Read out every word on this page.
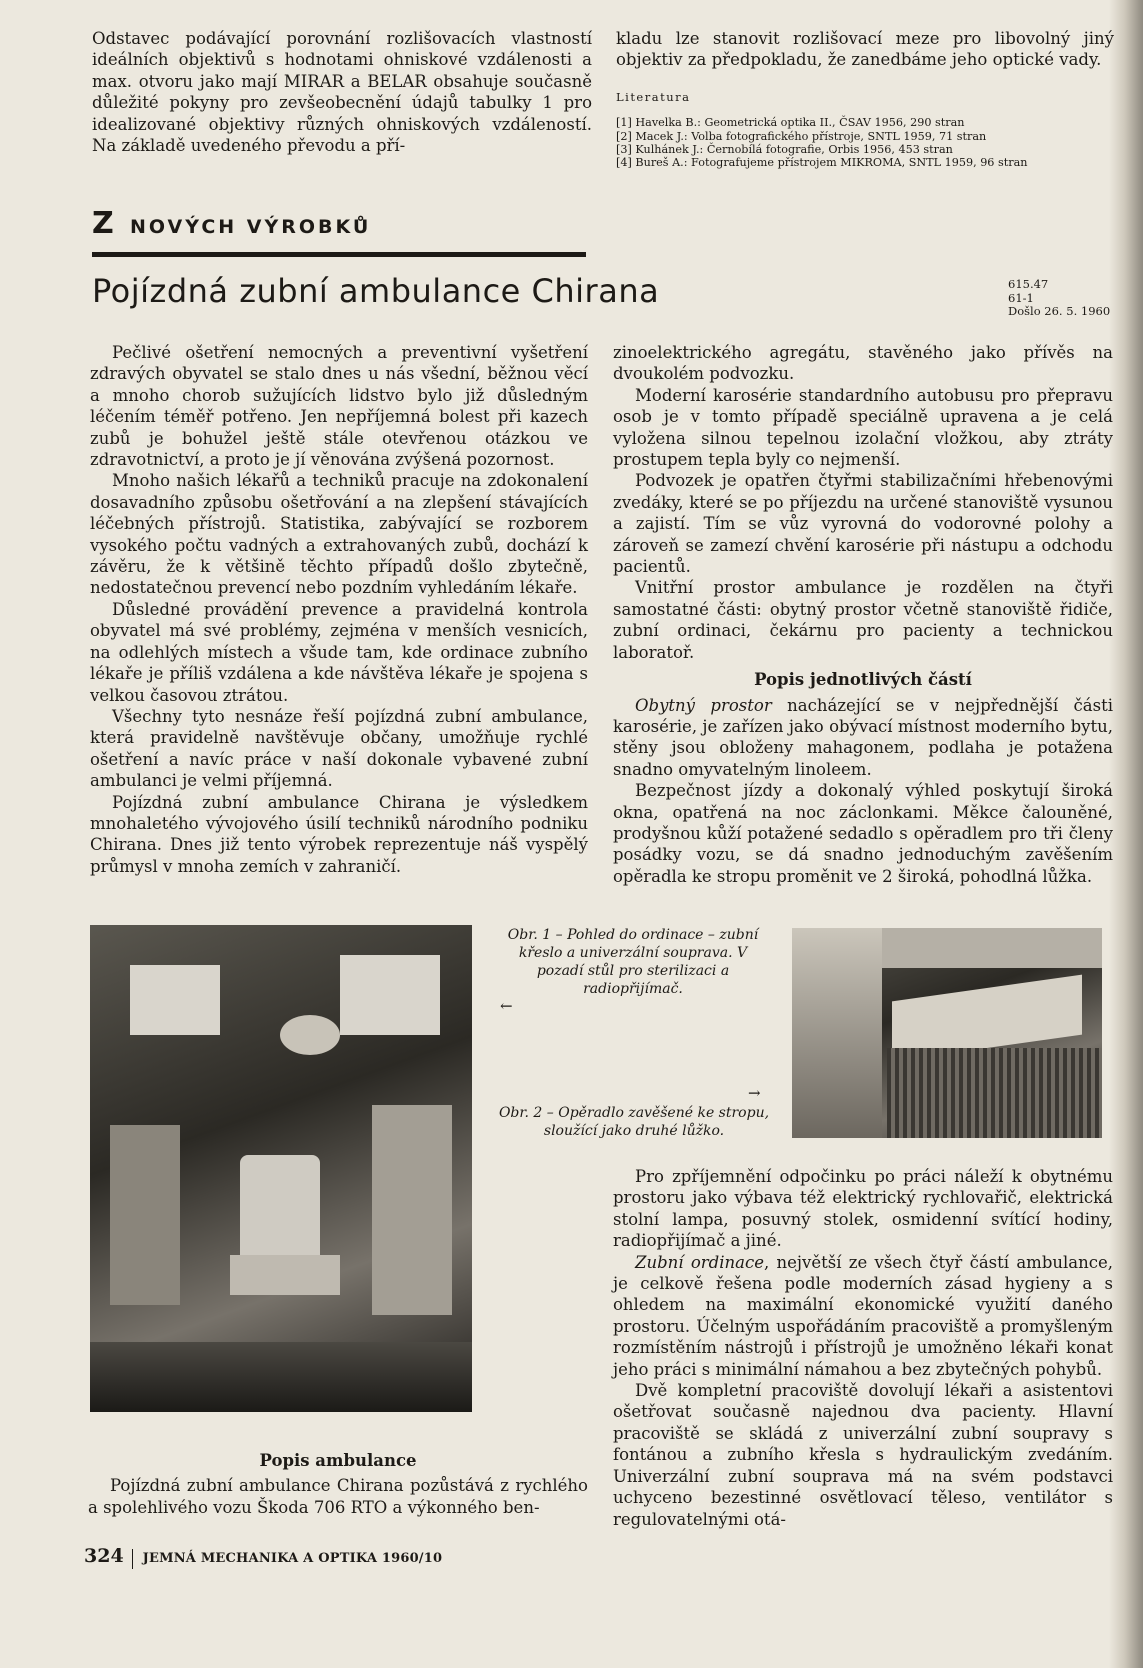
Odstavec podávající porovnání rozlišovacích vlastností ideálních objektivů s hodnotami ohniskové vzdálenosti a max. otvoru jako mají MIRAR a BELAR obsahuje současně důležité pokyny pro zevšeobecnění údajů tabulky 1 pro idealizované objektivy různých ohniskových vzdáleností. Na základě uvedeného převodu a pří-

kladu lze stanovit rozlišovací meze pro libovolný jiný objektiv za předpokladu, že zanedbáme jeho optické vady.

Literatura
[1] Havelka B.: Geometrická optika II., ČSAV 1956, 290 stran
[2] Macek J.: Volba fotografického přístroje, SNTL 1959, 71 stran
[3] Kulhánek J.: Černobílá fotografie, Orbis 1956, 453 stran
[4] Bureš A.: Fotografujeme přístrojem MIKROMA, SNTL 1959, 96 stran
Z NOVÝCH VÝROBKŮ
Pojízdná zubní ambulance Chirana	615.47
61-1
Došlo 26. 5. 1960

Pečlivé ošetření nemocných a preventivní vyšetření zdravých obyvatel se stalo dnes u nás všední, běžnou věcí a mnoho chorob sužujících lidstvo bylo již důsledným léčením téměř potřeno. Jen nepříjemná bolest při kazech zubů je bohužel ještě stále otevřenou otázkou ve zdravotnictví, a proto je jí věnována zvýšená pozornost.

Mnoho našich lékařů a techniků pracuje na zdokonalení dosavadního způsobu ošetřování a na zlepšení stávajících léčebných přístrojů. Statistika, zabývající se rozborem vysokého počtu vadných a extrahovaných zubů, dochází k závěru, že k většině těchto případů došlo zbytečně, nedostatečnou prevencí nebo pozdním vyhledáním lékaře.

Důsledné provádění prevence a pravidelná kontrola obyvatel má své problémy, zejména v menších vesnicích, na odlehlých místech a všude tam, kde ordinace zubního lékaře je příliš vzdálena a kde návštěva lékaře je spojena s velkou časovou ztrátou.

Všechny tyto nesnáze řeší pojízdná zubní ambulance, která pravidelně navštěvuje občany, umožňuje rychlé ošetření a navíc práce v naší dokonale vybavené zubní ambulanci je velmi příjemná.

Pojízdná zubní ambulance Chirana je výsledkem mnohaletého vývojového úsilí techniků národního podniku Chirana. Dnes již tento výrobek reprezentuje náš vyspělý průmysl v mnoha zemích v zahraničí.

zinoelektrického agregátu, stavěného jako přívěs na dvoukolém podvozku.

Moderní karosérie standardního autobusu pro přepravu osob je v tomto případě speciálně upravena a je celá vyložena silnou tepelnou izolační vložkou, aby ztráty prostupem tepla byly co nejmenší.

Podvozek je opatřen čtyřmi stabilizačními hřebenovými zvedáky, které se po příjezdu na určené stanoviště vysunou a zajistí. Tím se vůz vyrovná do vodorovné polohy a zároveň se zamezí chvění karosérie při nástupu a odchodu pacientů.

Vnitřní prostor ambulance je rozdělen na čtyři samostatné části: obytný prostor včetně stanoviště řidiče, zubní ordinaci, čekárnu pro pacienty a technickou laboratoř.

Popis jednotlivých částí

Obytný prostor nacházející se v nejpřednější části karosérie, je zařízen jako obývací místnost moderního bytu, stěny jsou obloženy mahagonem, podlaha je potažena snadno omyvatelným linoleem.

Bezpečnost jízdy a dokonalý výhled poskytují široká okna, opatřená na noc záclonkami. Měkce čalouněné, prodyšnou kůží potažené sedadlo s opěradlem pro tři členy posádky vozu, se dá snadno jednoduchým zavěšením opěradla ke stropu proměnit ve 2 široká, pohodlná lůžka.

Obr. 1 – Pohled do ordinace – zubní křeslo a univerzální souprava. V pozadí stůl pro sterilizaci a radiopřijímač.
←
→
Obr. 2 – Opěradlo zavěšené ke stropu, sloužící jako druhé lůžko.

Popis ambulance

Pojízdná zubní ambulance Chirana pozůstává z rychlého a spolehlivého vozu Škoda 706 RTO a výkonného ben-

Pro zpříjemnění odpočinku po práci náleží k obytnému prostoru jako výbava též elektrický rychlovařič, elektrická stolní lampa, posuvný stolek, osmidenní svítící hodiny, radiopřijímač a jiné.

Zubní ordinace, největší ze všech čtyř částí ambulance, je celkově řešena podle moderních zásad hygieny a s ohledem na maximální ekonomické využití daného prostoru. Účelným uspořádáním pracoviště a promyšleným rozmístěním nástrojů i přístrojů je umožněno lékaři konat jeho práci s minimální námahou a bez zbytečných pohybů.

Dvě kompletní pracoviště dovolují lékaři a asistentovi ošetřovat současně najednou dva pacienty. Hlavní pracoviště se skládá z univerzální zubní soupravy s fontánou a zubního křesla s hydraulickým zvedáním. Univerzální zubní souprava má na svém podstavci uchyceno bezestinné osvětlovací těleso, ventilátor s regulovatelnými otá-

324 JEMNÁ MECHANIKA A OPTIKA 1960/10
